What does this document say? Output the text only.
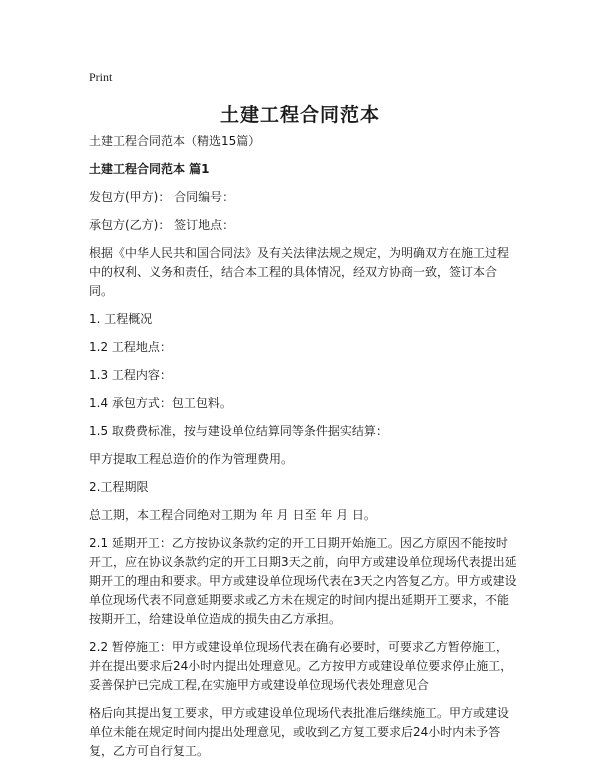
Print
土建工程合同范本

土建工程合同范本（精选15篇）

土建工程合同范本 篇1

发包方(甲方)： 合同编号：

承包方(乙方)： 签订地点：

根据《中华人民共和国合同法》及有关法律法规之规定，为明确双方在施工过程中的权利、义务和责任，结合本工程的具体情况，经双方协商一致，签订本合同。

1. 工程概况

1.2 工程地点：

1.3 工程内容：

1.4 承包方式：包工包料。

1.5 取费费标准，按与建设单位结算同等条件据实结算：

甲方提取工程总造价的作为管理费用。

2.工程期限

总工期，本工程合同绝对工期为 年 月 日至 年 月 日。

2.1 延期开工：乙方按协议条款约定的开工日期开始施工。因乙方原因不能按时开工，应在协议条款约定的开工日期3天之前，向甲方或建设单位现场代表提出延期开工的理由和要求。甲方或建设单位现场代表在3天之内答复乙方。甲方或建设单位现场代表不同意延期要求或乙方未在规定的时间内提出延期开工要求，不能按期开工，给建设单位造成的损失由乙方承担。

2.2 暂停施工：甲方或建设单位现场代表在确有必要时，可要求乙方暂停施工，并在提出要求后24小时内提出处理意见。乙方按甲方或建设单位要求停止施工，妥善保护已完成工程,在实施甲方或建设单位现场代表处理意见合

格后向其提出复工要求，甲方或建设单位现场代表批准后继续施工。甲方或建设单位未能在规定时间内提出处理意见，或收到乙方复工要求后24小时内未予答复，乙方可自行复工。
